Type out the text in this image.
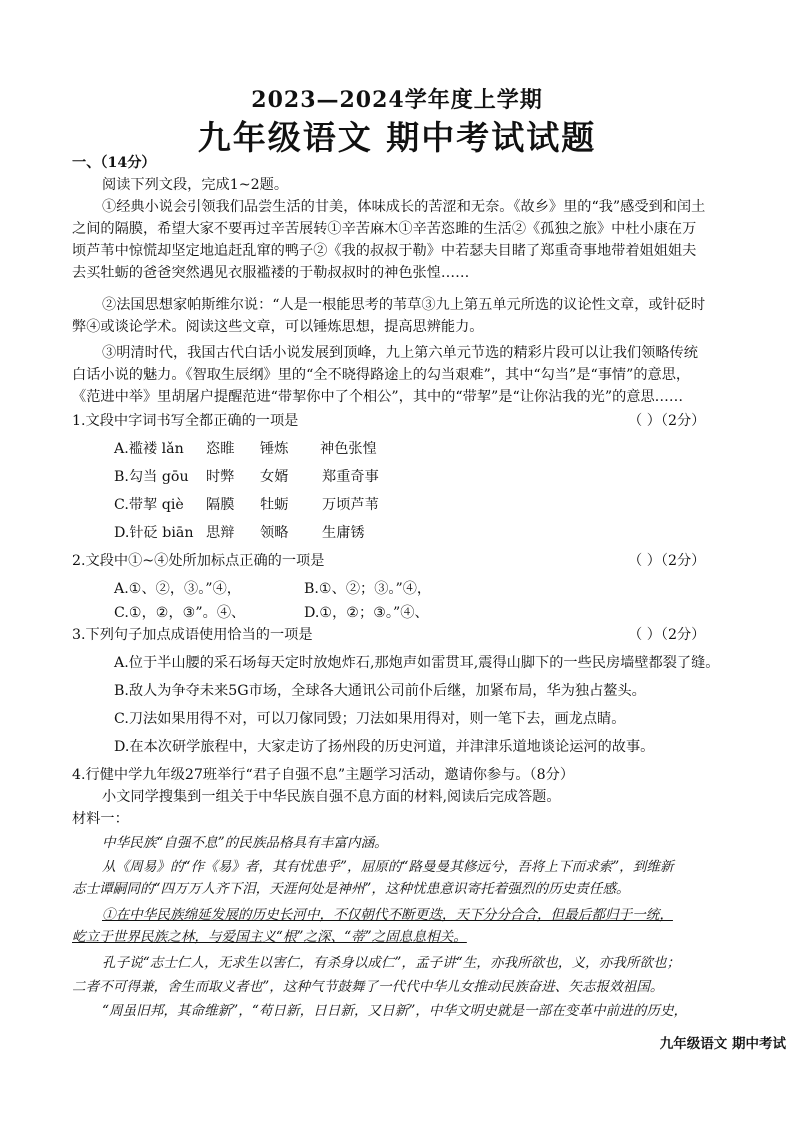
2023—2024学年度上学期
九年级语文 期中考试试题
一、（14分）
阅读下列文段，完成1~2题。
①经典小说会引领我们品尝生活的甘美，体味成长的苦涩和无奈。《故乡》里的“我”感受到和闰土
之间的隔膜，希望大家不要再过辛苦展转①辛苦麻木①辛苦恣雎的生活②《孤独之旅》中杜小康在万
顷芦苇中惊慌却坚定地追赶乱窜的鸭子②《我的叔叔于勒》中若瑟夫目睹了郑重奇事地带着姐姐姐夫
去买牡蛎的爸爸突然遇见衣服褴褛的于勒叔叔时的神色张惶……
②法国思想家帕斯维尔说：“人是一根能思考的苇草③九上第五单元所选的议论性文章，或针砭时
弊④或谈论学术。阅读这些文章，可以锤炼思想，提高思辨能力。
③明清时代，我国古代白话小说发展到顶峰，九上第六单元节选的精彩片段可以让我们领略传统
白话小说的魅力。《智取生辰纲》里的“全不晓得路途上的勾当艰难”，其中“勾当”是“事情”的意思，
《范进中举》里胡屠户提醒范进“带挈你中了个相公”，其中的“带挈”是“让你沾我的光”的意思……
1.文段中字词书写全都正确的一项是	（ ）（2分）
A.褴褛 lǎn 恣睢 锤炼 神色张惶
B.勾当 gōu 时弊 女婿 郑重奇事
C.带挈 qiè 隔膜 牡蛎 万顷芦苇
D.针砭 biān 思辩 领略 生庸锈
2.文段中①~④处所加标点正确的一项是	（ ）（2分）
A.①、②，③。”④，	B.①、②；③。”④，
C.①，②，③”。④、	D.①，②；③。”④、
3.下列句子加点成语使用恰当的一项是	（ ）（2分）
A.位于半山腰的采石场每天定时放炮炸石,那炮声如雷贯耳,震得山脚下的一些民房墙壁都裂了缝。
B.敌人为争夺未来5G市场，全球各大通讯公司前仆后继，加紧布局，华为独占鳌头。
C.刀法如果用得不对，可以刀傢同毁；刀法如果用得对，则一笔下去，画龙点睛。
D.在本次研学旅程中，大家走访了扬州段的历史河道，并津津乐道地谈论运河的故事。
4.行健中学九年级27班举行“君子自强不息”主题学习活动，邀请你参与。（8分）
小文同学搜集到一组关于中华民族自强不息方面的材料,阅读后完成答题。
材料一：
中华民族“自强不息”的民族品格具有丰富内涵。
从《周易》的“作《易》者，其有忧患乎”，屈原的“路曼曼其修远兮，吾将上下而求索”，到维新
志士谭嗣同的“四万万人齐下泪，天涯何处是神州”，这种忧患意识寄托着强烈的历史责任感。
①在中华民族绵延发展的历史长河中，不仅朝代不断更迭，天下分分合合，但最后都归于一统，
屹立于世界民族之林，与爱国主义“根”之深、“蒂”之固息息相关。
孔子说“志士仁人，无求生以害仁，有杀身以成仁”，孟子讲“生，亦我所欲也，义，亦我所欲也；
二者不可得兼，舍生而取义者也”，这种气节鼓舞了一代代中华儿女推动民族奋进、矢志报效祖国。
“周虽旧邦，其命维新”，“苟日新，日日新，又日新”，中华文明史就是一部在变革中前进的历史，
九年级语文 期中考试
